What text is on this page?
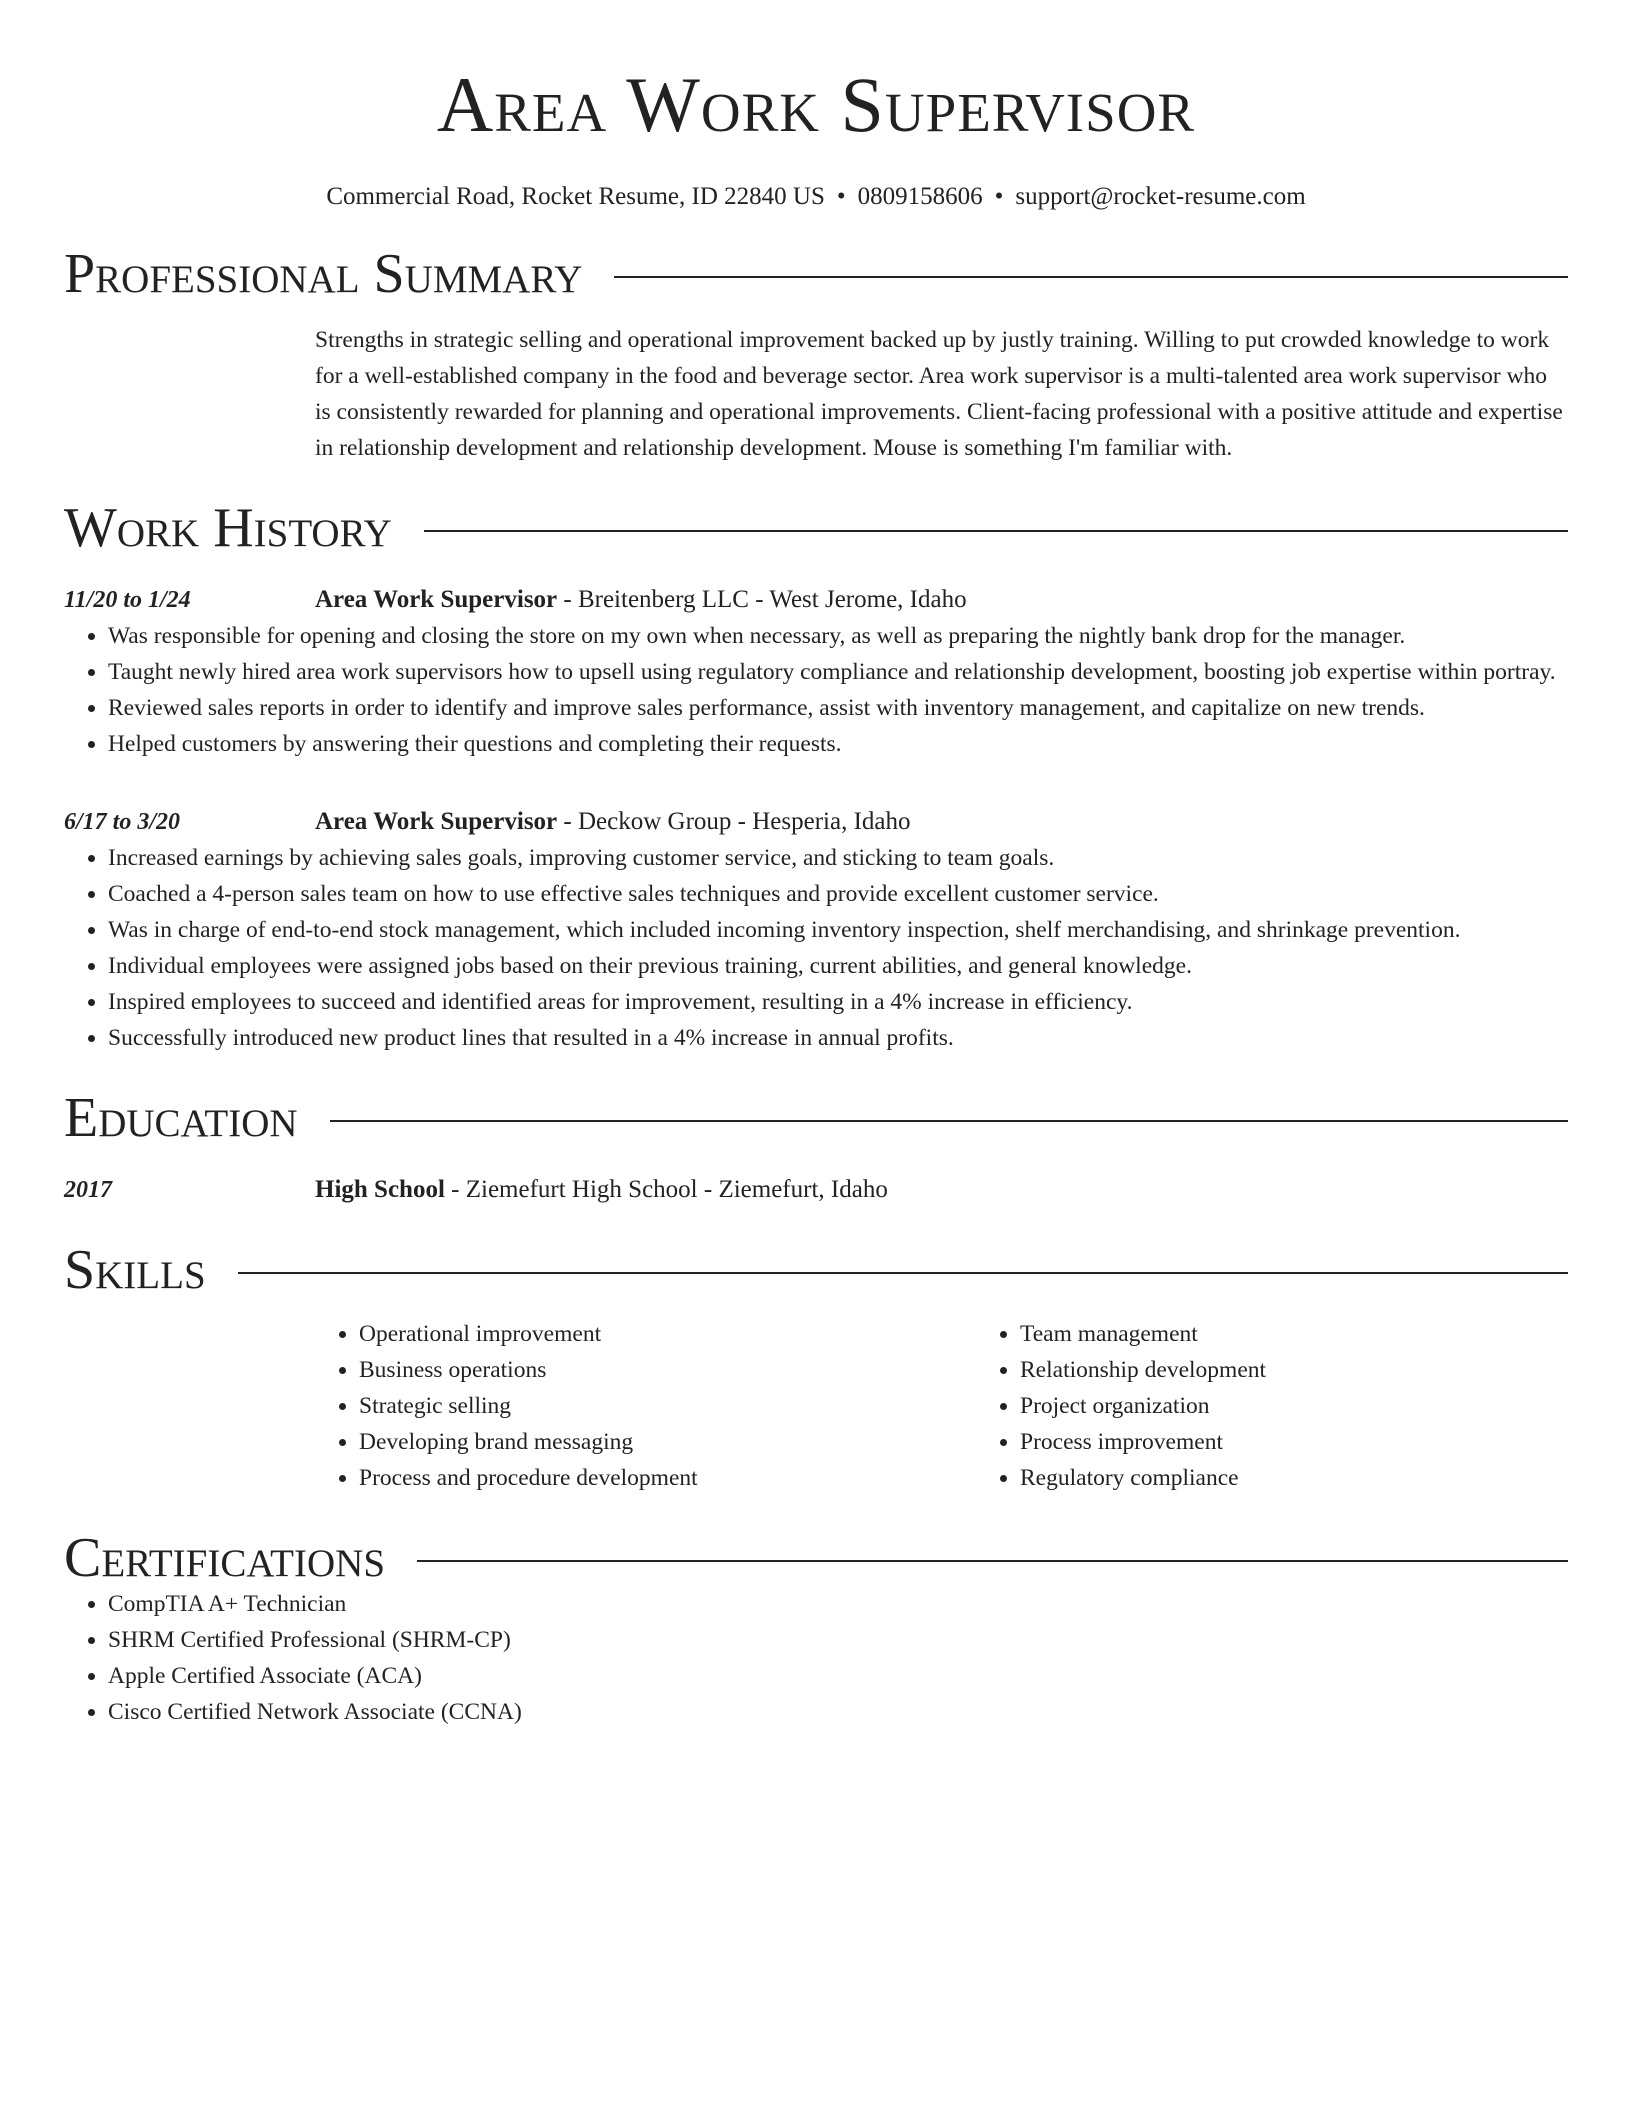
Area Work Supervisor
Commercial Road, Rocket Resume, ID 22840 US • 0809158606 • support@rocket-resume.com
Professional Summary
Strengths in strategic selling and operational improvement backed up by justly training. Willing to put crowded knowledge to work for a well-established company in the food and beverage sector. Area work supervisor is a multi-talented area work supervisor who is consistently rewarded for planning and operational improvements. Client-facing professional with a positive attitude and expertise in relationship development and relationship development. Mouse is something I'm familiar with.
Work History
11/20 to 1/24	Area Work Supervisor - Breitenberg LLC - West Jerome, Idaho
• Was responsible for opening and closing the store on my own when necessary, as well as preparing the nightly bank drop for the manager.
• Taught newly hired area work supervisors how to upsell using regulatory compliance and relationship development, boosting job expertise within portray.
• Reviewed sales reports in order to identify and improve sales performance, assist with inventory management, and capitalize on new trends.
• Helped customers by answering their questions and completing their requests.
6/17 to 3/20	Area Work Supervisor - Deckow Group - Hesperia, Idaho
• Increased earnings by achieving sales goals, improving customer service, and sticking to team goals.
• Coached a 4-person sales team on how to use effective sales techniques and provide excellent customer service.
• Was in charge of end-to-end stock management, which included incoming inventory inspection, shelf merchandising, and shrinkage prevention.
• Individual employees were assigned jobs based on their previous training, current abilities, and general knowledge.
• Inspired employees to succeed and identified areas for improvement, resulting in a 4% increase in efficiency.
• Successfully introduced new product lines that resulted in a 4% increase in annual profits.
Education
2017	High School - Ziemefurt High School - Ziemefurt, Idaho
Skills
• Operational improvement
• Business operations
• Strategic selling
• Developing brand messaging
• Process and procedure development
• Team management
• Relationship development
• Project organization
• Process improvement
• Regulatory compliance
Certifications
• CompTIA A+ Technician
• SHRM Certified Professional (SHRM-CP)
• Apple Certified Associate (ACA)
• Cisco Certified Network Associate (CCNA)
